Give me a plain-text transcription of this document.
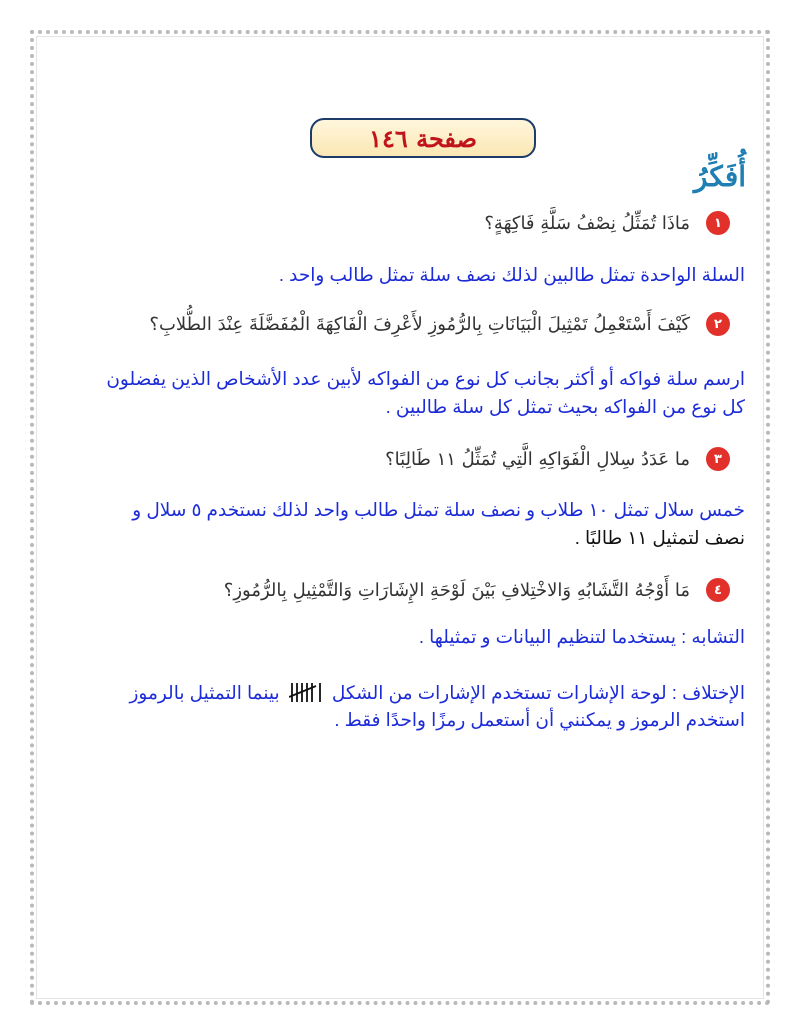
صفحة ١٤٦
أُفَكِّرُ
١
مَاذَا تُمَثِّلُ نِصْفُ سَلَّةِ فَاكِهَةٍ؟
السلة الواحدة تمثل طالبين لذلك نصف سلة تمثل طالب واحد .
٢
كَيْفَ أَسْتَعْمِلُ تَمْثِيلَ الْبَيَانَاتِ بِالرُّمُوزِ لأَعْرِفَ الْفَاكِهَةَ الْمُفَضَّلَةَ عِنْدَ الطُّلابِ؟
ارسم سلة فواكه أو أكثر بجانب كل نوع من الفواكه لأبين عدد الأشخاص الذين يفضلون
كل نوع من الفواكه بحيث تمثل كل سلة طالبين .
٣
ما عَدَدُ سِلالِ الْفَوَاكِهِ الَّتِي تُمَثِّلُ ١١ طَالِبًا؟
خمس سلال تمثل ١٠ طلاب و نصف سلة تمثل طالب واحد لذلك نستخدم ٥ سلال و
نصف لتمثيل ١١ طالبًا .
٤
مَا أَوْجُهُ التَّشَابُهِ وَالاخْتِلافِ بَيْنَ لَوْحَةِ الإِشَارَاتِ وَالتَّمْثِيلِ بِالرُّمُوزِ؟
التشابه : يستخدما لتنظيم البيانات و تمثيلها .
الإختلاف : لوحة الإشارات تستخدم الإشارات من الشكل  بينما التمثيل بالرموز
استخدم الرموز و يمكنني أن أستعمل رمزًا واحدًا فقط .
